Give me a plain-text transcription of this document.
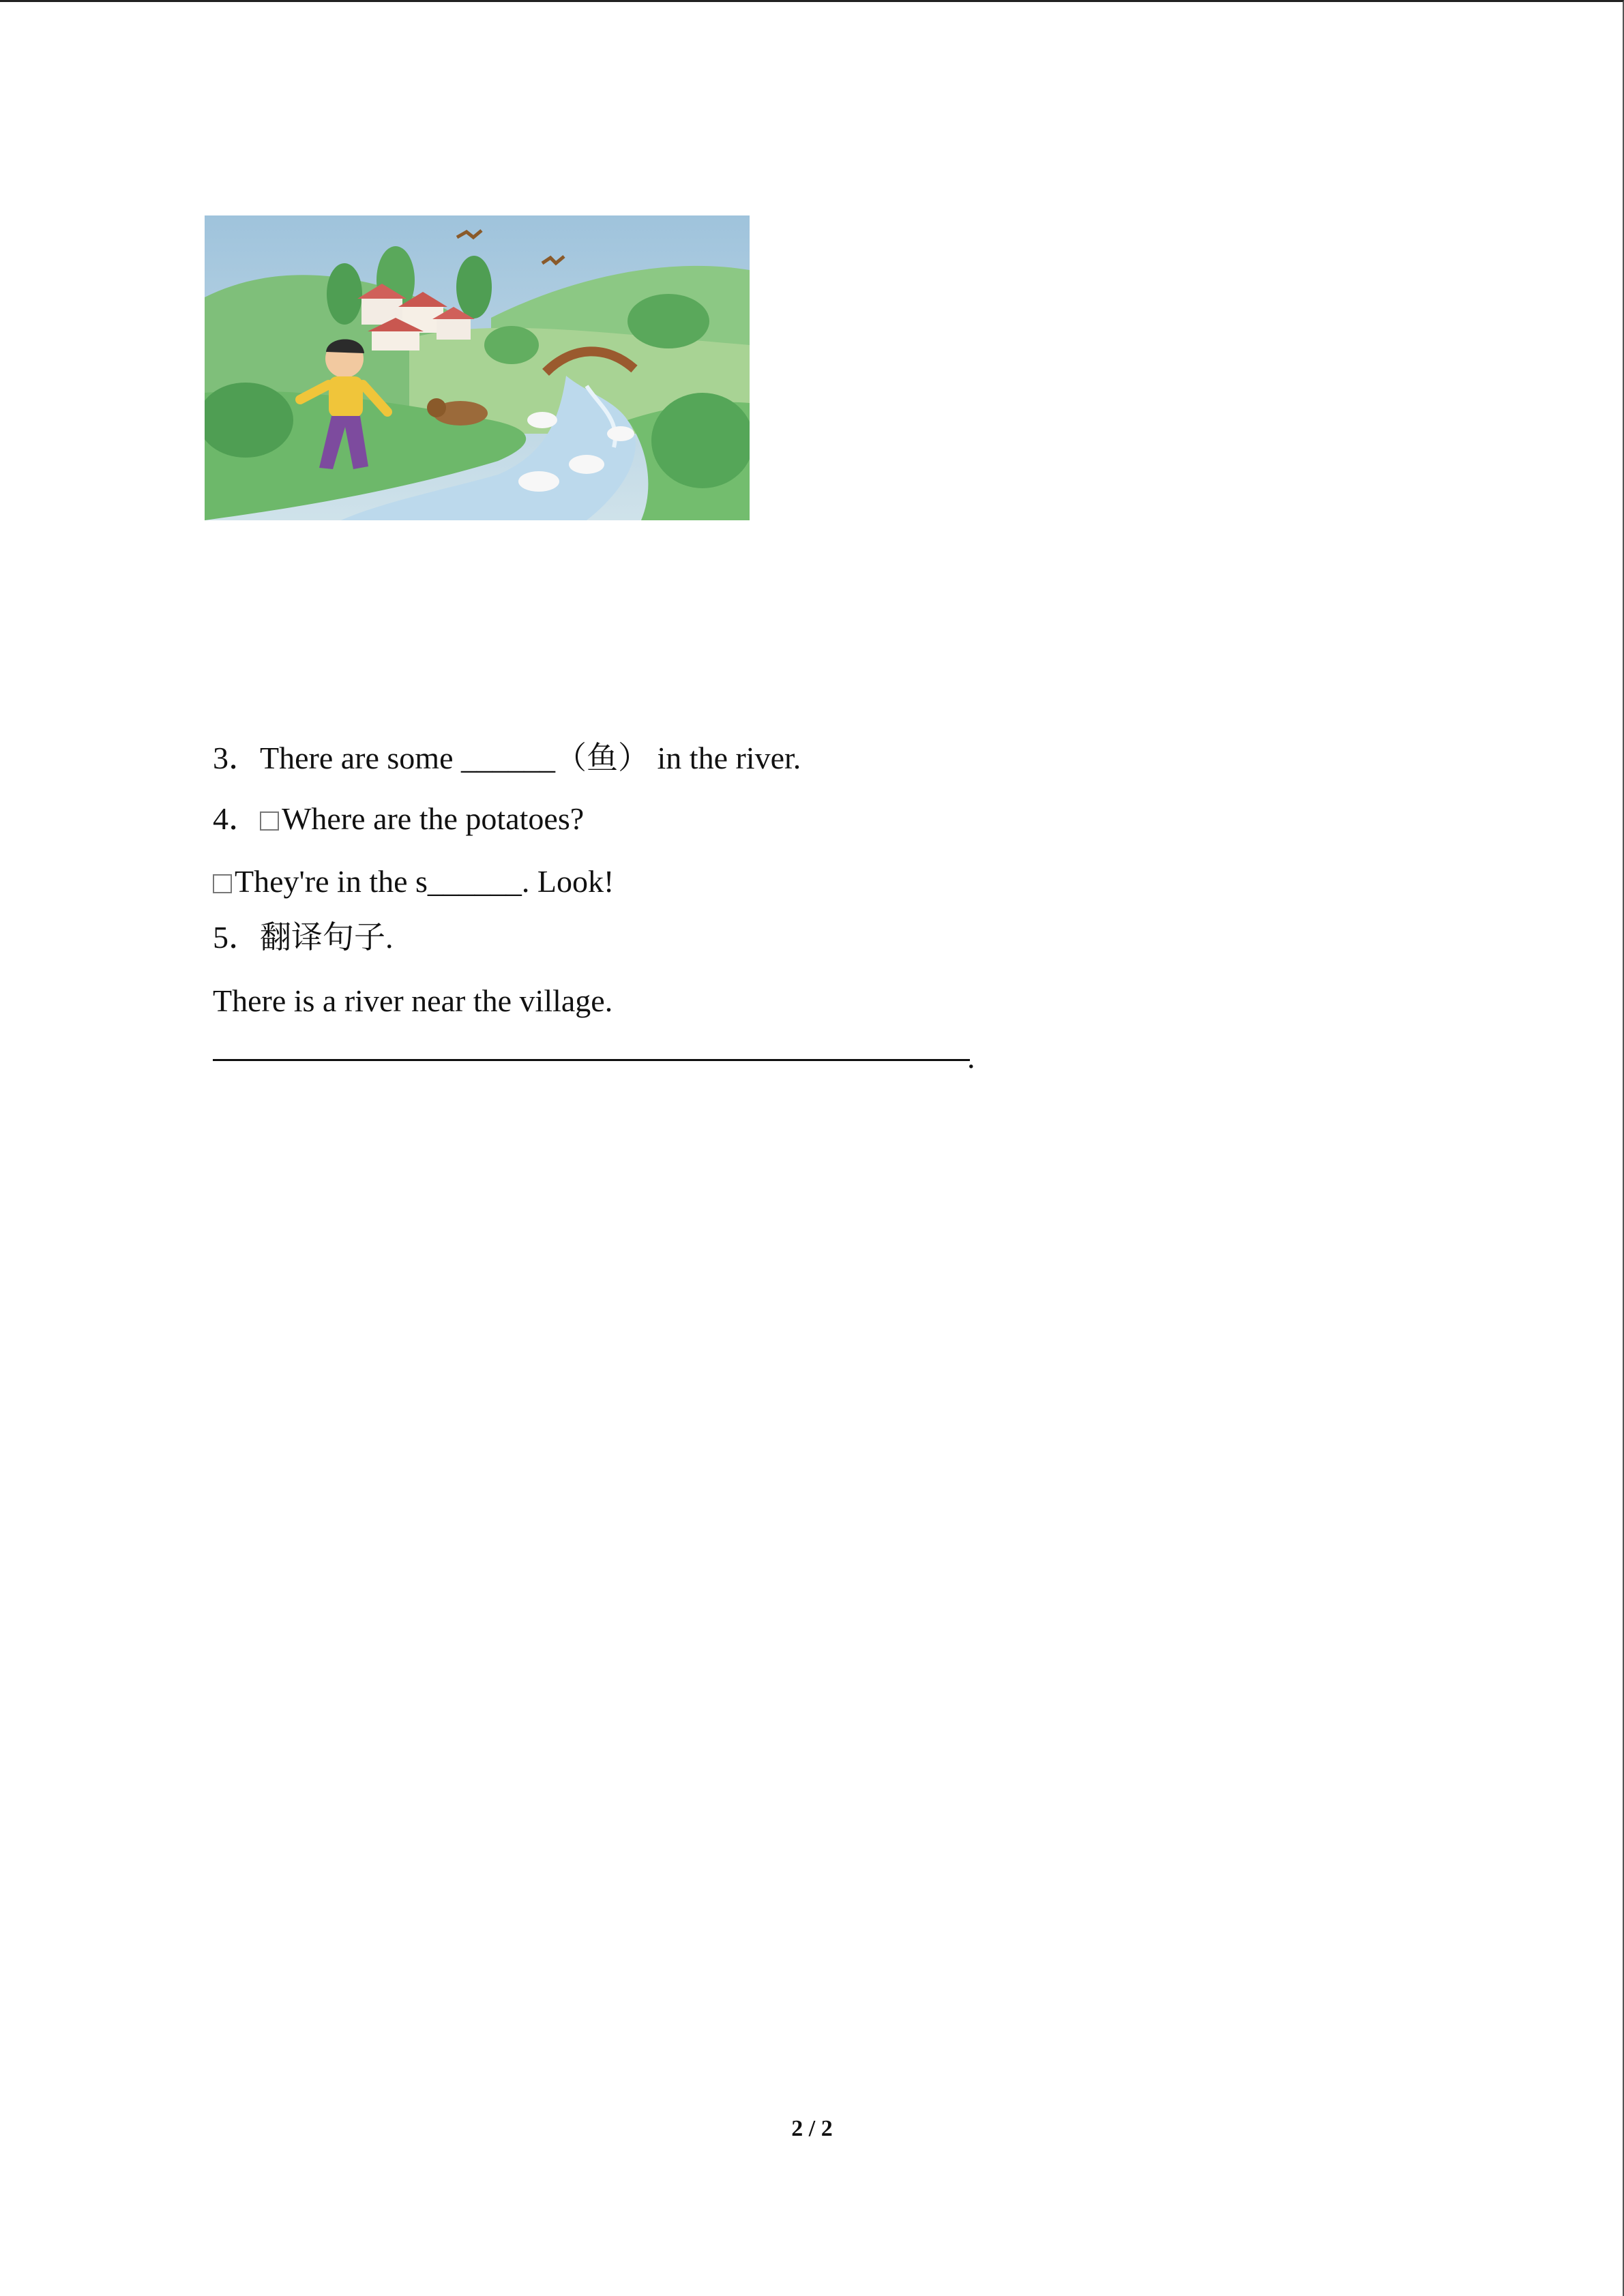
3．There are some ______（鱼） in the river.
4． Where are the potatoes?
They're in the s______. Look!
5．翻译句子.
There is a river near the village.
.
2 / 2
